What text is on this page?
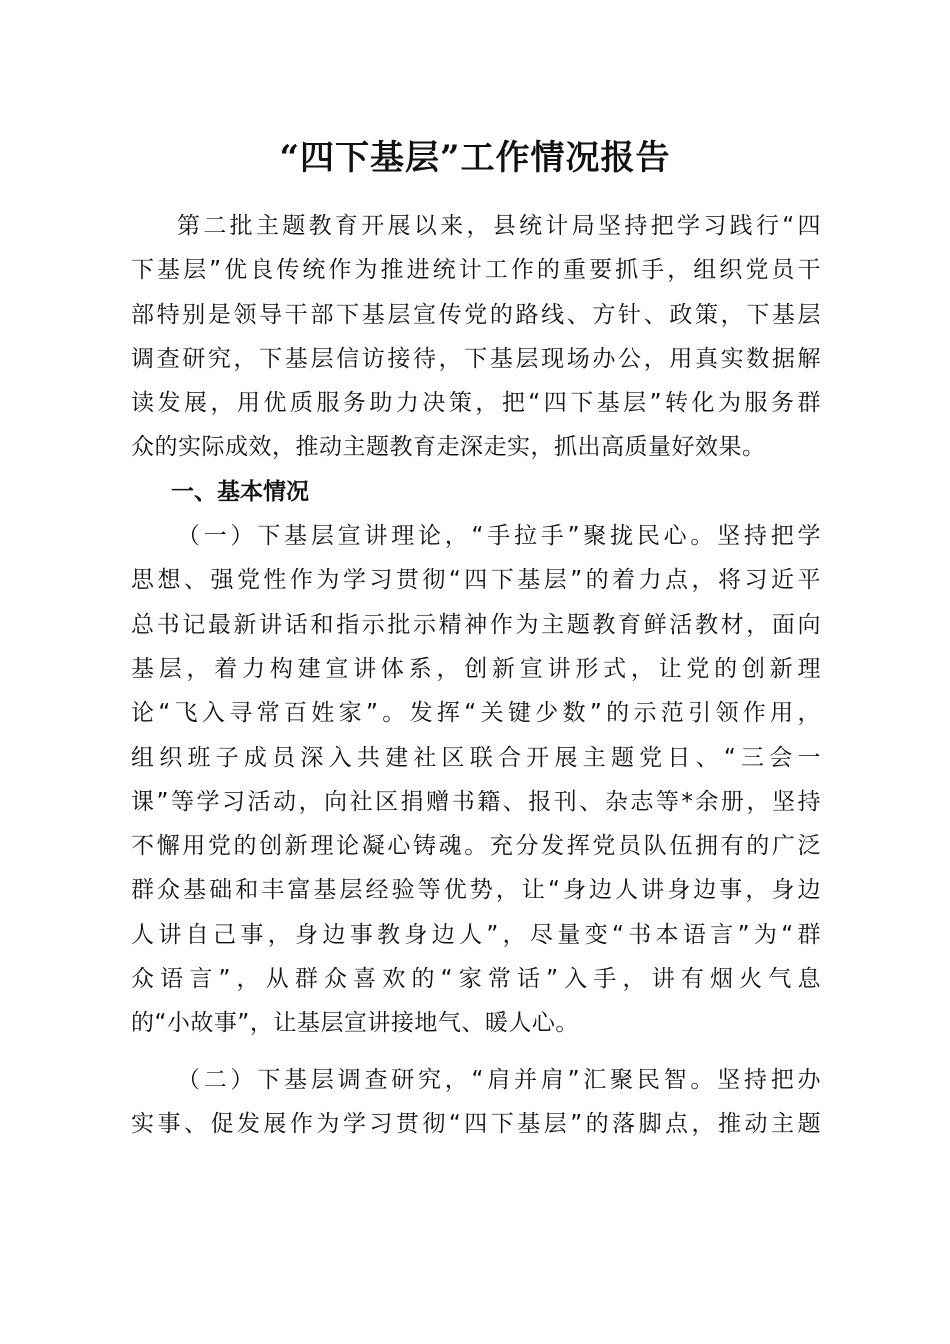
“四下基层”工作情况报告
第二批主题教育开展以来，县统计局坚持把学习践行“四
下基层”优良传统作为推进统计工作的重要抓手，组织党员干
部特别是领导干部下基层宣传党的路线、方针、政策，下基层
调查研究，下基层信访接待，下基层现场办公，用真实数据解
读发展，用优质服务助力决策，把“四下基层”转化为服务群
众的实际成效，推动主题教育走深走实，抓出高质量好效果。
一、基本情况
（一）下基层宣讲理论，“手拉手”聚拢民心。坚持把学
思想、强党性作为学习贯彻“四下基层”的着力点，将习近平
总书记最新讲话和指示批示精神作为主题教育鲜活教材，面向
基层，着力构建宣讲体系，创新宣讲形式，让党的创新理
论“飞入寻常百姓家”。发挥“关键少数”的示范引领作用，
组织班子成员深入共建社区联合开展主题党日、“三会一
课”等学习活动，向社区捐赠书籍、报刊、杂志等*余册，坚持
不懈用党的创新理论凝心铸魂。充分发挥党员队伍拥有的广泛
群众基础和丰富基层经验等优势，让“身边人讲身边事，身边
人讲自己事，身边事教身边人”，尽量变“书本语言”为“群
众语言”，从群众喜欢的“家常话”入手，讲有烟火气息
的“小故事”，让基层宣讲接地气、暖人心。
（二）下基层调查研究，“肩并肩”汇聚民智。坚持把办
实事、促发展作为学习贯彻“四下基层”的落脚点，推动主题
